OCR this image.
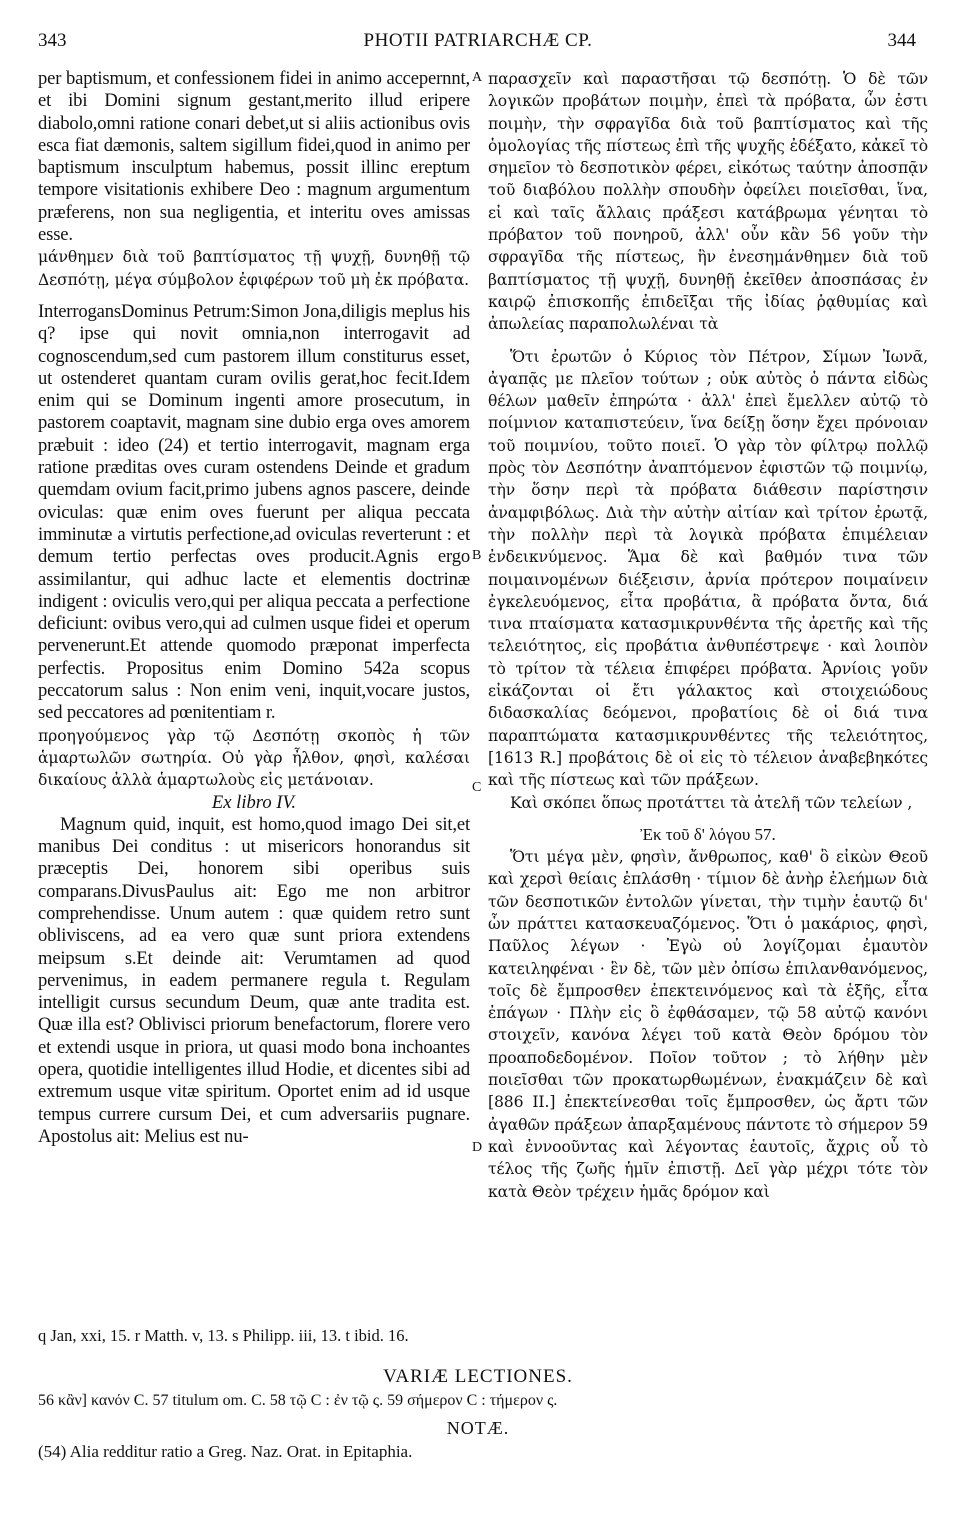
343	PHOTII PATRIARCHÆ CP.	344
A
B
C
D

per baptismum, et confessionem fidei in animo accepernnt, et ibi Domini signum gestant,merito illud eripere diabolo,omni ratione conari debet,ut si aliis actionibus ovis esca fiat dæmonis, saltem sigillum fidei,quod in animo per baptismum insculptum habemus, possit illinc ereptum tempore visitationis exhibere Deo : magnum argumentum præferens, non sua negligentia, et interitu oves amissas esse.

μάνθημεν διὰ τοῦ βαπτίσματος τῇ ψυχῇ, δυνηθῇ τῷ Δεσπότῃ, μέγα σύμβολον ἐφιφέρων τοῦ μὴ ἐκ πρόβατα.

InterrogansDominus Petrum:Simon Jona,diligis meplus his q? ipse qui novit omnia,non interrogavit ad cognoscendum,sed cum pastorem illum constiturus esset, ut ostenderet quantam curam ovilis gerat,hoc fecit.Idem enim qui se Dominum ingenti amore prosecutum, in pastorem coaptavit, magnam sine dubio erga oves amorem præbuit : ideo (24) et tertio interrogavit, magnam erga ratione præditas oves curam ostendens Deinde et gradum quemdam ovium facit,primo jubens agnos pascere, deinde oviculas: quæ enim oves fuerunt per aliqua peccata imminutæ a virtutis perfectione,ad oviculas reverterunt : et demum tertio perfectas oves producit.Agnis ergo assimilantur, qui adhuc lacte et elementis doctrinæ indigent : oviculis vero,qui per aliqua peccata a perfectione deficiunt: ovibus vero,qui ad culmen usque fidei et operum pervenerunt.Et attende quomodo præponat imperfecta perfectis. Propositus enim Domino 542a scopus peccatorum salus : Non enim veni, inquit,vocare justos, sed peccatores ad pœnitentiam r.

προηγούμενος γὰρ τῷ Δεσπότῃ σκοπὸς ἡ τῶν ἁμαρτωλῶν σωτηρία. Οὐ γὰρ ἦλθον, φησὶ, καλέσαι δικαίους ἀλλὰ ἁμαρτωλοὺς εἰς μετάνοιαν.

Ex libro IV.

Magnum quid, inquit, est homo,quod imago Dei sit,et manibus Dei conditus : ut misericors honorandus sit præceptis Dei, honorem sibi operibus suis comparans.DivusPaulus ait: Ego me non arbitror comprehendisse. Unum autem : quæ quidem retro sunt obliviscens, ad ea vero quæ sunt priora extendens meipsum s.Et deinde ait: Verumtamen ad quod pervenimus, in eadem permanere regula t. Regulam intelligit cursus secundum Deum, quæ ante tradita est. Quæ illa est? Oblivisci priorum benefactorum, florere vero et extendi usque in priora, ut quasi modo bona inchoantes opera, quotidie intelligentes illud Hodie, et dicentes sibi ad extremum usque vitæ spiritum. Oportet enim ad id usque tempus currere cursum Dei, et cum adversariis pugnare. Apostolus ait: Melius est nu-

παρασχεῖν καὶ παραστῆσαι τῷ δεσπότῃ. Ὁ δὲ τῶν λογικῶν προβάτων ποιμὴν, ἐπεὶ τὰ πρόβατα, ὧν ἐστι ποιμὴν, τὴν σφραγῖδα διὰ τοῦ βαπτίσματος καὶ τῆς ὁμολογίας τῆς πίστεως ἐπὶ τῆς ψυχῆς ἐδέξατο, κἀκεῖ τὸ σημεῖον τὸ δεσποτικὸν φέρει, εἰκότως ταύτην ἀποσπᾷν τοῦ διαβόλου πολλὴν σπουδὴν ὀφείλει ποιεῖσθαι, ἵνα, εἰ καὶ ταῖς ἄλλαις πράξεσι κατάβρωμα γένηται τὸ πρόβατον τοῦ πονηροῦ, ἀλλ' οὖν κἂν 56 γοῦν τὴν σφραγῖδα τῆς πίστεως, ἣν ἐνεσημάνθημεν διὰ τοῦ βαπτίσματος τῇ ψυχῇ, δυνηθῇ ἐκεῖθεν ἀποσπάσας ἐν καιρῷ ἐπισκοπῆς ἐπιδεῖξαι τῆς ἰδίας ῥᾳθυμίας καὶ ἀπωλείας παραπολωλέναι τὰ

Ὅτι ἐρωτῶν ὁ Κύριος τὸν Πέτρον, Σίμων Ἰωνᾶ, ἀγαπᾷς με πλεῖον τούτων ; οὐκ αὐτὸς ὁ πάντα εἰδὼς θέλων μαθεῖν ἐπηρώτα · ἀλλ' ἐπεὶ ἔμελλεν αὐτῷ τὸ ποίμνιον καταπιστεύειν, ἵνα δείξῃ ὅσην ἔχει πρόνοιαν τοῦ ποιμνίου, τοῦτο ποιεῖ. Ὁ γὰρ τὸν φίλτρῳ πολλῷ πρὸς τὸν Δεσπότην ἀναπτόμενον ἐφιστῶν τῷ ποιμνίῳ, τὴν ὅσην περὶ τὰ πρόβατα διάθεσιν παρίστησιν ἀναμφιβόλως. Διὰ τὴν αὐτὴν αἰτίαν καὶ τρίτον ἐρωτᾷ, τὴν πολλὴν περὶ τὰ λογικὰ πρόβατα ἐπιμέλειαν ἐνδεικνύμενος. Ἅμα δὲ καὶ βαθμόν τινα τῶν ποιμαινομένων διέξεισιν, ἀρνία πρότερον ποιμαίνειν ἐγκελευόμενος, εἶτα προβάτια, ἃ πρόβατα ὄντα, διά τινα πταίσματα κατασμικρυνθέντα τῆς ἀρετῆς καὶ τῆς τελειότητος, εἰς προβάτια ἀνθυπέστρεψε · καὶ λοιπὸν τὸ τρίτον τὰ τέλεια ἐπιφέρει πρόβατα. Ἀρνίοις γοῦν εἰκάζονται οἱ ἔτι γάλακτος καὶ στοιχειώδους διδασκαλίας δεόμενοι, προβατίοις δὲ οἱ διά τινα παραπτώματα κατασμικρυνθέντες τῆς τελειότητος, [1613 R.] προβάτοις δὲ οἱ εἰς τὸ τέλειον ἀναβεβηκότες καὶ τῆς πίστεως καὶ τῶν πράξεων.

Καὶ σκόπει ὅπως προτάττει τὰ ἀτελῆ τῶν τελείων ,

Ἐκ τοῦ δ' λόγου 57.

Ὅτι μέγα μὲν, φησὶν, ἄνθρωπος, καθ' ὃ εἰκὼν Θεοῦ καὶ χερσὶ θείαις ἐπλάσθη · τίμιον δὲ ἀνὴρ ἐλεήμων διὰ τῶν δεσποτικῶν ἐντολῶν γίνεται, τὴν τιμὴν ἑαυτῷ δι' ὧν πράττει κατασκευαζόμενος. Ὅτι ὁ μακάριος, φησὶ, Παῦλος λέγων · Ἐγὼ οὐ λογίζομαι ἐμαυτὸν κατειληφέναι · ἓν δὲ, τῶν μὲν ὀπίσω ἐπιλανθανόμενος, τοῖς δὲ ἔμπροσθεν ἐπεκτεινόμενος καὶ τὰ ἑξῆς, εἶτα ἐπάγων · Πλὴν εἰς ὃ ἐφθάσαμεν, τῷ 58 αὐτῷ κανόνι στοιχεῖν, κανόνα λέγει τοῦ κατὰ Θεὸν δρόμου τὸν προαποδεδομένον. Ποῖον τοῦτον ; τὸ λήθην μὲν ποιεῖσθαι τῶν προκατωρθωμένων, ἐνακμάζειν δὲ καὶ [886 II.] ἐπεκτείνεσθαι τοῖς ἔμπροσθεν, ὡς ἄρτι τῶν ἀγαθῶν πράξεων ἀπαρξαμένους πάντοτε τὸ σήμερον 59 καὶ ἐννοοῦντας καὶ λέγοντας ἑαυτοῖς, ἄχρις οὗ τὸ τέλος τῆς ζωῆς ἡμῖν ἐπιστῇ. Δεῖ γὰρ μέχρι τότε τὸν κατὰ Θεὸν τρέχειν ἡμᾶς δρόμον καὶ

q Jan, xxi, 15. r Matth. v, 13. s Philipp. iii, 13. t ibid. 16.
VARIÆ LECTIONES.
56 κἂν] κανόν C. 57 titulum om. C. 58 τῷ C : ἐν τῷ ς. 59 σήμερον C : τήμερον ς.
NOTÆ.
(54) Alia redditur ratio a Greg. Naz. Orat. in Epitaphia.
